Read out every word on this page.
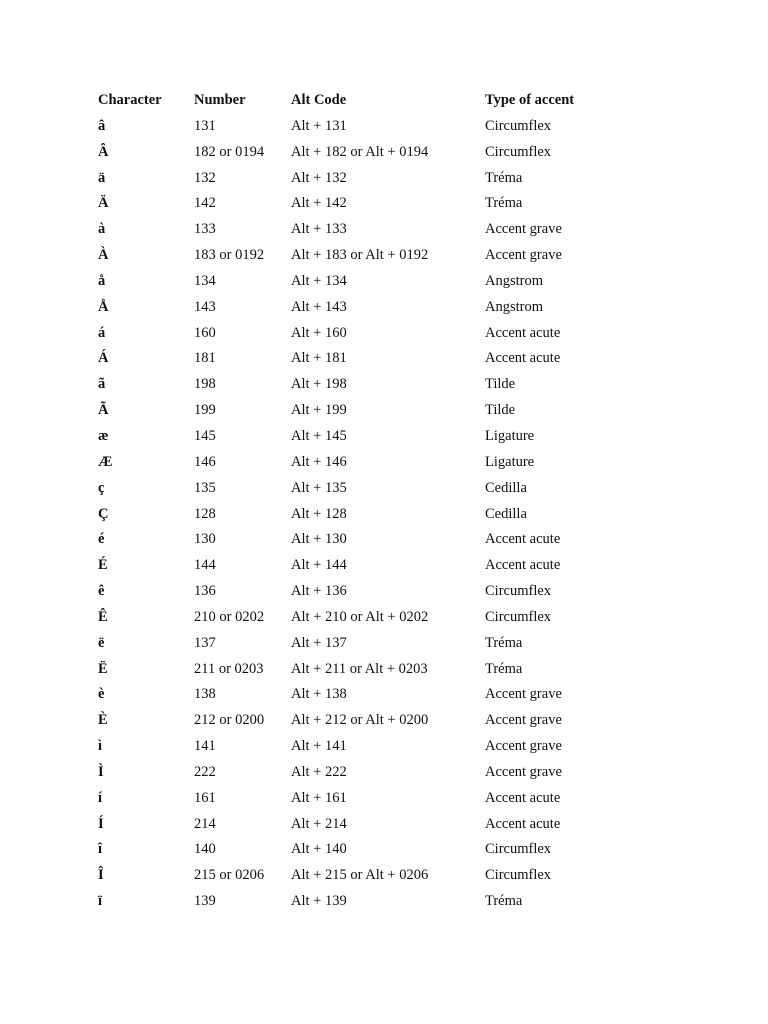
Character	Number	Alt Code	Type of accent
â	131	Alt + 131	Circumflex
Â	182 or 0194	Alt + 182 or Alt + 0194	Circumflex
ä	132	Alt + 132	Tréma
Ä	142	Alt + 142	Tréma
à	133	Alt + 133	Accent grave
À	183 or 0192	Alt + 183 or Alt + 0192	Accent grave
å	134	Alt + 134	Angstrom
Å	143	Alt + 143	Angstrom
á	160	Alt + 160	Accent acute
Á	181	Alt + 181	Accent acute
ã	198	Alt + 198	Tilde
Ã	199	Alt + 199	Tilde
æ	145	Alt + 145	Ligature
Æ	146	Alt + 146	Ligature
ç	135	Alt + 135	Cedilla
Ç	128	Alt + 128	Cedilla
é	130	Alt + 130	Accent acute
É	144	Alt + 144	Accent acute
ê	136	Alt + 136	Circumflex
Ê	210 or 0202	Alt + 210 or Alt + 0202	Circumflex
ë	137	Alt + 137	Tréma
Ë	211 or 0203	Alt + 211 or Alt + 0203	Tréma
è	138	Alt + 138	Accent grave
È	212 or 0200	Alt + 212 or Alt + 0200	Accent grave
ì	141	Alt + 141	Accent grave
Ì	222	Alt + 222	Accent grave
í	161	Alt + 161	Accent acute
Í	214	Alt + 214	Accent acute
î	140	Alt + 140	Circumflex
Î	215 or 0206	Alt + 215 or Alt + 0206	Circumflex
ï	139	Alt + 139	Tréma
